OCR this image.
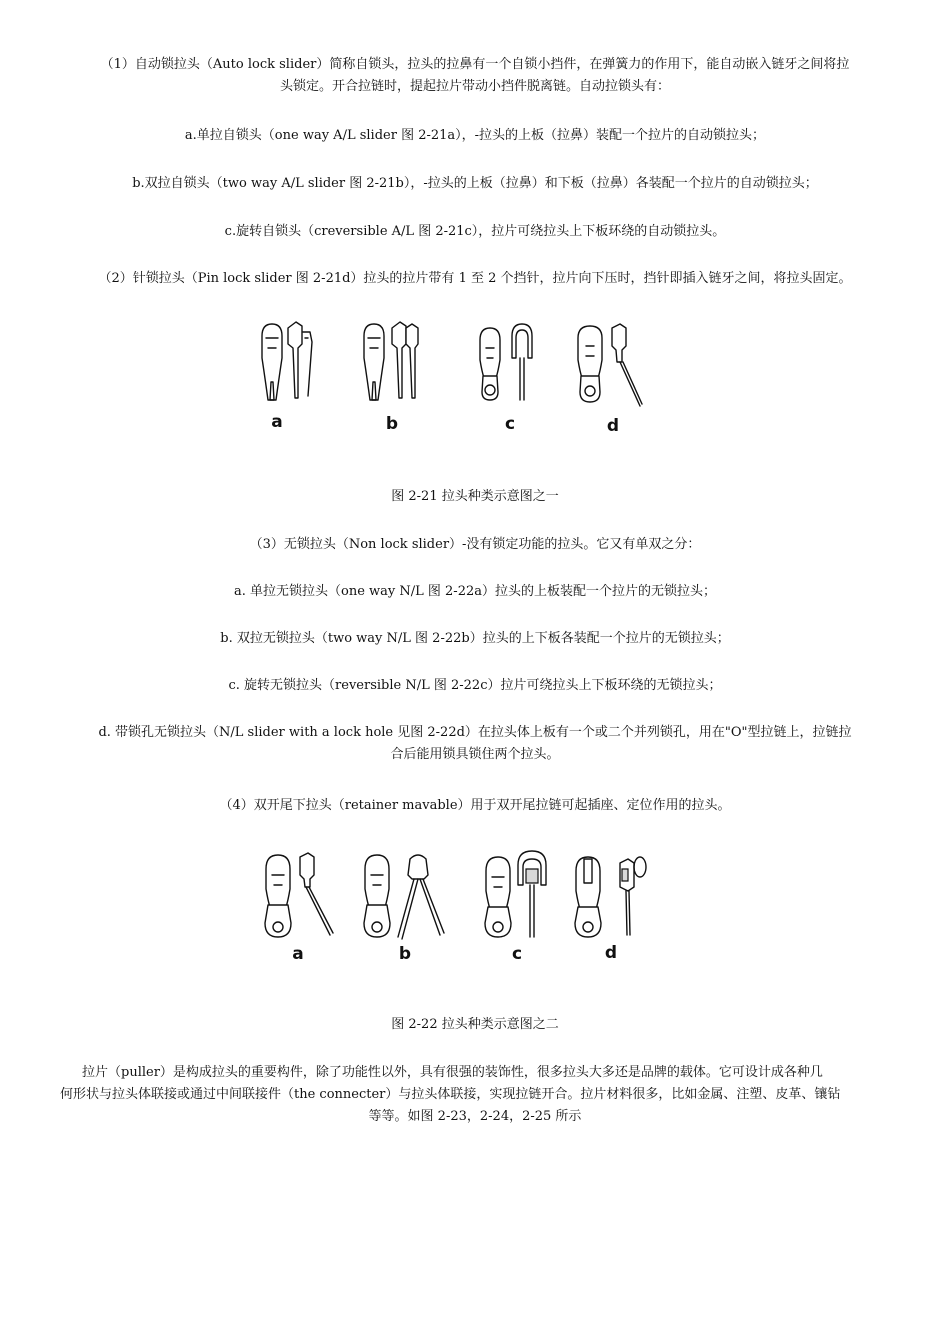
（1）自动锁拉头（Auto lock slider）简称自锁头，拉头的拉鼻有一个自锁小挡件，在弹簧力的作用下，能自动嵌入链牙之间将拉
头锁定。开合拉链时，提起拉片带动小挡件脱离链。自动拉锁头有：

a.单拉自锁头（one way A/L slider 图 2-21a），-拉头的上板（拉鼻）装配一个拉片的自动锁拉头；

b.双拉自锁头（two way A/L slider 图 2-21b），-拉头的上板（拉鼻）和下板（拉鼻）各装配一个拉片的自动锁拉头；

c.旋转自锁头（creversible A/L 图 2-21c），拉片可绕拉头上下板环绕的自动锁拉头。

（2）针锁拉头（Pin lock slider 图 2-21d）拉头的拉片带有 1 至 2 个挡针，拉片向下压时，挡针即插入链牙之间，将拉头固定。

a	b	c	d

图 2-21 拉头种类示意图之一

（3）无锁拉头（Non lock slider）-没有锁定功能的拉头。它又有单双之分：

a. 单拉无锁拉头（one way N/L 图 2-22a）拉头的上板装配一个拉片的无锁拉头；

b. 双拉无锁拉头（two way N/L 图 2-22b）拉头的上下板各装配一个拉片的无锁拉头；

c. 旋转无锁拉头（reversible N/L 图 2-22c）拉片可绕拉头上下板环绕的无锁拉头；

d. 带锁孔无锁拉头（N/L slider with a lock hole 见图 2-22d）在拉头体上板有一个或二个并列锁孔，用在"O"型拉链上，拉链拉
合后能用锁具锁住两个拉头。

（4）双开尾下拉头（retainer mavable）用于双开尾拉链可起插座、定位作用的拉头。

a	b	c	d

图 2-22 拉头种类示意图之二

拉片（puller）是构成拉头的重要构件，除了功能性以外，具有很强的装饰性，很多拉头大多还是品牌的载体。它可设计成各种几
何形状与拉头体联接或通过中间联接件（the connecter）与拉头体联接，实现拉链开合。拉片材料很多，比如金属、注塑、皮革、镶钻

等等。如图 2-23，2-24，2-25 所示
